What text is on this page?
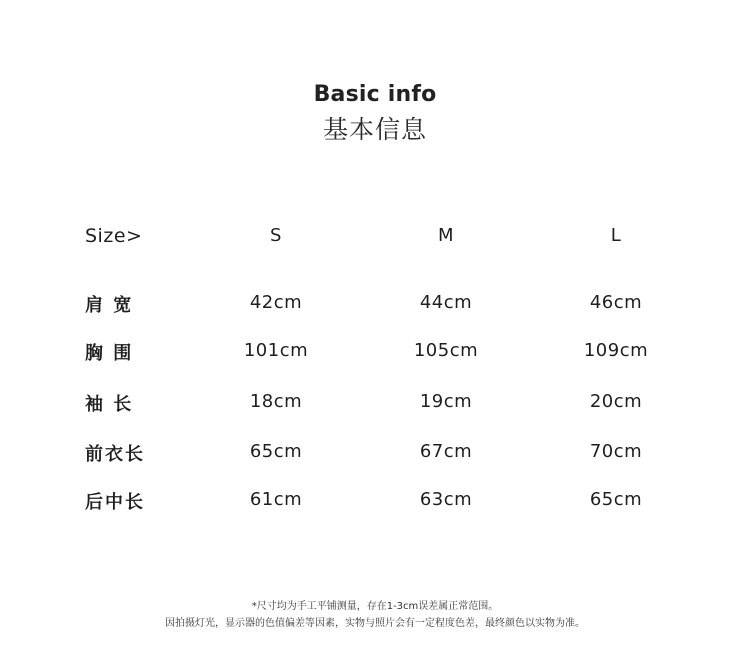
Basic info
基本信息
Size>	S	M	L
肩 宽	42cm	44cm	46cm
胸 围	101cm	105cm	109cm
袖 长	18cm	19cm	20cm
前衣长	65cm	67cm	70cm
后中长	61cm	63cm	65cm
*尺寸均为手工平铺测量，存在1-3cm误差属正常范围。
因拍摄灯光，显示器的色值偏差等因素，实物与照片会有一定程度色差，最终颜色以实物为准。
